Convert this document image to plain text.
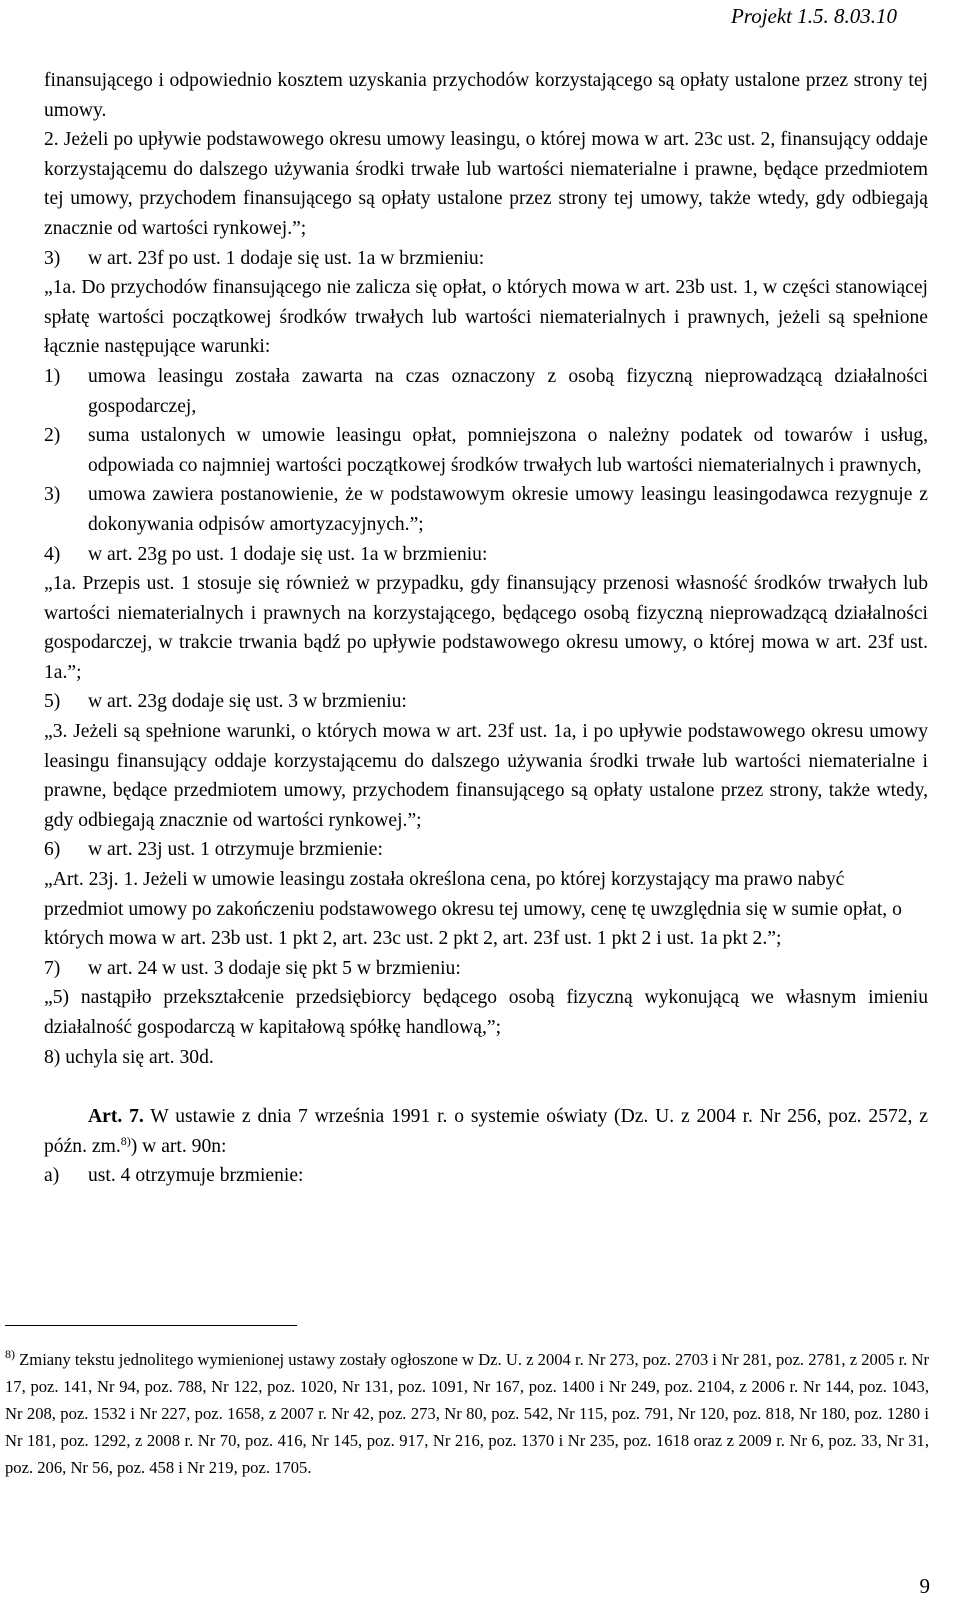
Projekt 1.5. 8.03.10

finansującego i odpowiednio kosztem uzyskania przychodów korzystającego są opłaty ustalone przez strony tej umowy.

2. Jeżeli po upływie podstawowego okresu umowy leasingu, o której mowa w art. 23c ust. 2, finansujący oddaje korzystającemu do dalszego używania środki trwałe lub wartości niematerialne i prawne, będące przedmiotem tej umowy, przychodem finansującego są opłaty ustalone przez strony tej umowy, także wtedy, gdy odbiegają znacznie od wartości rynkowej.”;

3)	w art. 23f po ust. 1 dodaje się ust. 1a w brzmieniu:

„1a. Do przychodów finansującego nie zalicza się opłat, o których mowa w art. 23b ust. 1, w części stanowiącej spłatę wartości początkowej środków trwałych lub wartości niematerialnych i prawnych, jeżeli są spełnione łącznie następujące warunki:

1)	umowa leasingu została zawarta na czas oznaczony z osobą fizyczną nieprowadzącą działalności gospodarczej,
2)	suma ustalonych w umowie leasingu opłat, pomniejszona o należny podatek od towarów i usług, odpowiada co najmniej wartości początkowej środków trwałych lub wartości niematerialnych i prawnych,
3)	umowa zawiera postanowienie, że w podstawowym okresie umowy leasingu leasingodawca rezygnuje z dokonywania odpisów amortyzacyjnych.”;
4)	w art. 23g po ust. 1 dodaje się ust. 1a w brzmieniu:

„1a. Przepis ust. 1 stosuje się również w przypadku, gdy finansujący przenosi własność środków trwałych lub wartości niematerialnych i prawnych na korzystającego, będącego osobą fizyczną nieprowadzącą działalności gospodarczej, w trakcie trwania bądź po upływie podstawowego okresu umowy, o której mowa w art. 23f ust. 1a.”;

5)	w art. 23g dodaje się ust. 3 w brzmieniu:

„3. Jeżeli są spełnione warunki, o których mowa w art. 23f ust. 1a, i po upływie podstawowego okresu umowy leasingu finansujący oddaje korzystającemu do dalszego używania środki trwałe lub wartości niematerialne i prawne, będące przedmiotem umowy, przychodem finansującego są opłaty ustalone przez strony, także wtedy, gdy odbiegają znacznie od wartości rynkowej.”;

6)	w art. 23j ust. 1 otrzymuje brzmienie:

„Art. 23j. 1. Jeżeli w umowie leasingu została określona cena, po której korzystający ma prawo nabyć przedmiot umowy po zakończeniu podstawowego okresu tej umowy, cenę tę uwzględnia się w sumie opłat, o których mowa w art. 23b ust. 1 pkt 2, art. 23c ust. 2 pkt 2, art. 23f ust. 1 pkt 2 i ust. 1a pkt 2.”;

7)	w art. 24 w ust. 3 dodaje się pkt 5 w brzmieniu:

„5) nastąpiło przekształcenie przedsiębiorcy będącego osobą fizyczną wykonującą we własnym imieniu działalność gospodarczą w kapitałową spółkę handlową,”;

8) uchyla się art. 30d.

Art. 7. W ustawie z dnia 7 września 1991 r. o systemie oświaty (Dz. U. z 2004 r. Nr 256, poz. 2572, z późn. zm.$^{8)}$) w art. 90n:

a)	ust. 4 otrzymuje brzmienie:
$^{8)}$ Zmiany tekstu jednolitego wymienionej ustawy zostały ogłoszone w Dz. U. z 2004 r. Nr 273, poz. 2703 i Nr 281, poz. 2781, z 2005 r. Nr 17, poz. 141, Nr 94, poz. 788, Nr 122, poz. 1020, Nr 131, poz. 1091, Nr 167, poz. 1400 i Nr 249, poz. 2104, z 2006 r. Nr 144, poz. 1043, Nr 208, poz. 1532 i Nr 227, poz. 1658, z 2007 r. Nr 42, poz. 273, Nr 80, poz. 542, Nr 115, poz. 791, Nr 120, poz. 818, Nr 180, poz. 1280 i Nr 181, poz. 1292, z 2008 r. Nr 70, poz. 416, Nr 145, poz. 917, Nr 216, poz. 1370 i Nr 235, poz. 1618 oraz z 2009 r. Nr 6, poz. 33, Nr 31, poz. 206, Nr 56, poz. 458 i Nr 219, poz. 1705.
9
